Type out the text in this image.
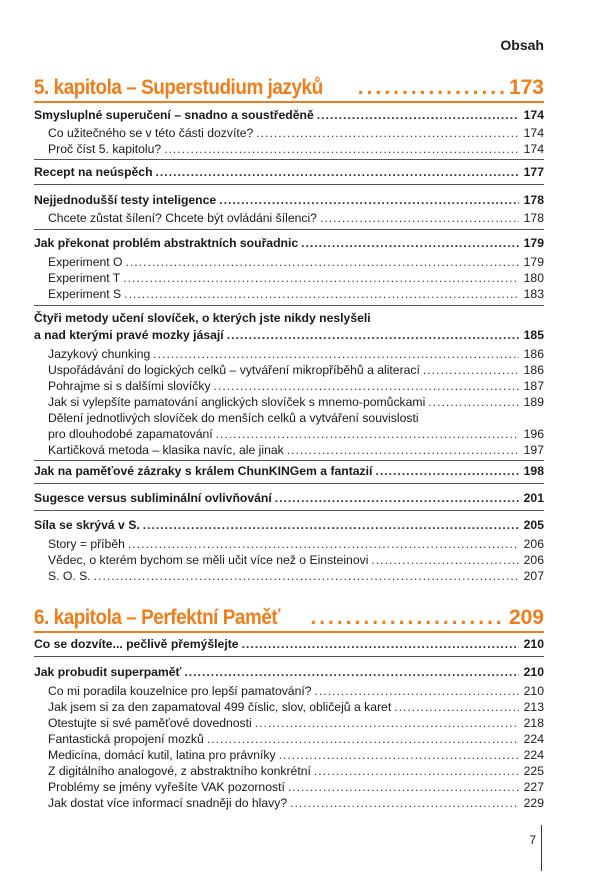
Obsah
5. kapitola – Superstudium jazyků .....	173
Smysluplné superučení – snadno a soustředěně .....	174
Co užitečného se v této části dozvíte? .....	174
Proč číst 5. kapitolu? .....	174
Recept na neúspěch .....	177
Nejjednodušší testy inteligence .....	178
Chcete zůstat šílení? Chcete být ovládáni šílenci? .....	178
Jak překonat problém abstraktních souřadnic .....	179
Experiment O .....	179
Experiment T .....	180
Experiment S .....	183
Čtyři metody učení slovíček, o kterých jste nikdy neslyšeli
a nad kterými pravé mozky jásají .....	185
Jazykový chunking .....	186
Uspořádávání do logických celků – vytváření mikropříběhů a aliterací .....	186
Pohrajme si s dalšími slovíčky .....	187
Jak si vylepšíte pamatování anglických slovíček s mnemo-pomůckami .....	189
Dělení jednotlivých slovíček do menších celků a vytváření souvislosti
pro dlouhodobé zapamatování .....	196
Kartičková metoda – klasika navíc, ale jinak .....	197
Jak na paměťové zázraky s králem ChunKINGem a fantazií .....	198
Sugesce versus subliminální ovlivňování .....	201
Síla se skrývá v S. .....	205
Story = příběh .....	206
Vědec, o kterém bychom se měli učit více než o Einsteinovi .....	206
S. O. S. .....	207
6. kapitola – Perfektní Paměť .....	209
Co se dozvíte... pečlivě přemýšlejte .....	210
Jak probudit superpaměť .....	210
Co mi poradila kouzelnice pro lepší pamatování? .....	210
Jak jsem si za den zapamatoval 499 číslic, slov, obličejů a karet .....	213
Otestujte si své paměťové dovednosti .....	218
Fantastická propojení mozků .....	224
Medicína, domácí kutil, latina pro právníky .....	224
Z digitálního analogové, z abstraktního konkrétní .....	225
Problémy se jmény vyřešíte VAK pozorností .....	227
Jak dostat více informací snadněji do hlavy? .....	229
7
